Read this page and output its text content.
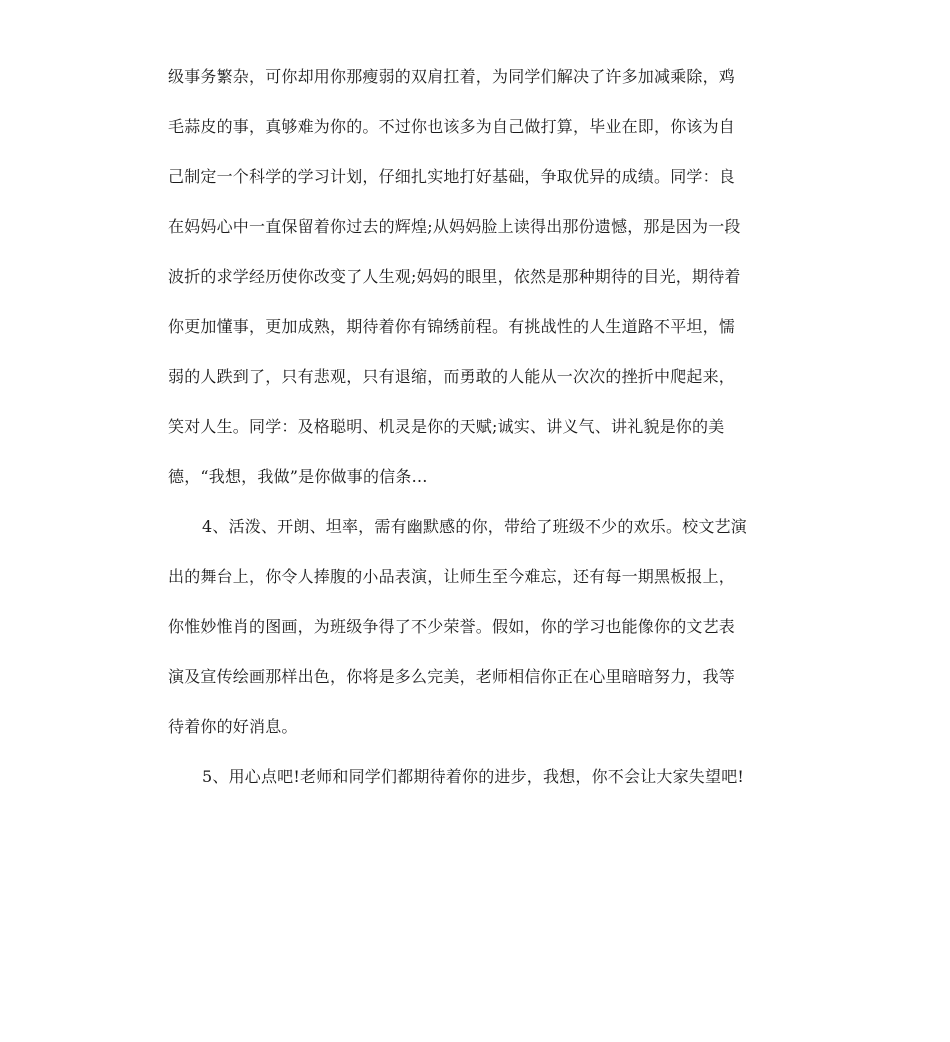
级事务繁杂，可你却用你那瘦弱的双肩扛着，为同学们解决了许多加减乘除，鸡
毛蒜皮的事，真够难为你的。不过你也该多为自己做打算，毕业在即，你该为自
己制定一个科学的学习计划，仔细扎实地打好基础，争取优异的成绩。同学：良
在妈妈心中一直保留着你过去的辉煌;从妈妈脸上读得出那份遗憾，那是因为一段
波折的求学经历使你改变了人生观;妈妈的眼里，依然是那种期待的目光，期待着
你更加懂事，更加成熟，期待着你有锦绣前程。有挑战性的人生道路不平坦，懦
弱的人跌到了，只有悲观，只有退缩，而勇敢的人能从一次次的挫折中爬起来，
笑对人生。同学：及格聪明、机灵是你的天赋;诚实、讲义气、讲礼貌是你的美
德，“我想，我做”是你做事的信条…
4、活泼、开朗、坦率，需有幽默感的你，带给了班级不少的欢乐。校文艺演
出的舞台上，你令人捧腹的小品表演，让师生至今难忘，还有每一期黑板报上，
你惟妙惟肖的图画，为班级争得了不少荣誉。假如，你的学习也能像你的文艺表
演及宣传绘画那样出色，你将是多么完美，老师相信你正在心里暗暗努力，我等
待着你的好消息。
5、用心点吧!老师和同学们都期待着你的进步，我想，你不会让大家失望吧!
